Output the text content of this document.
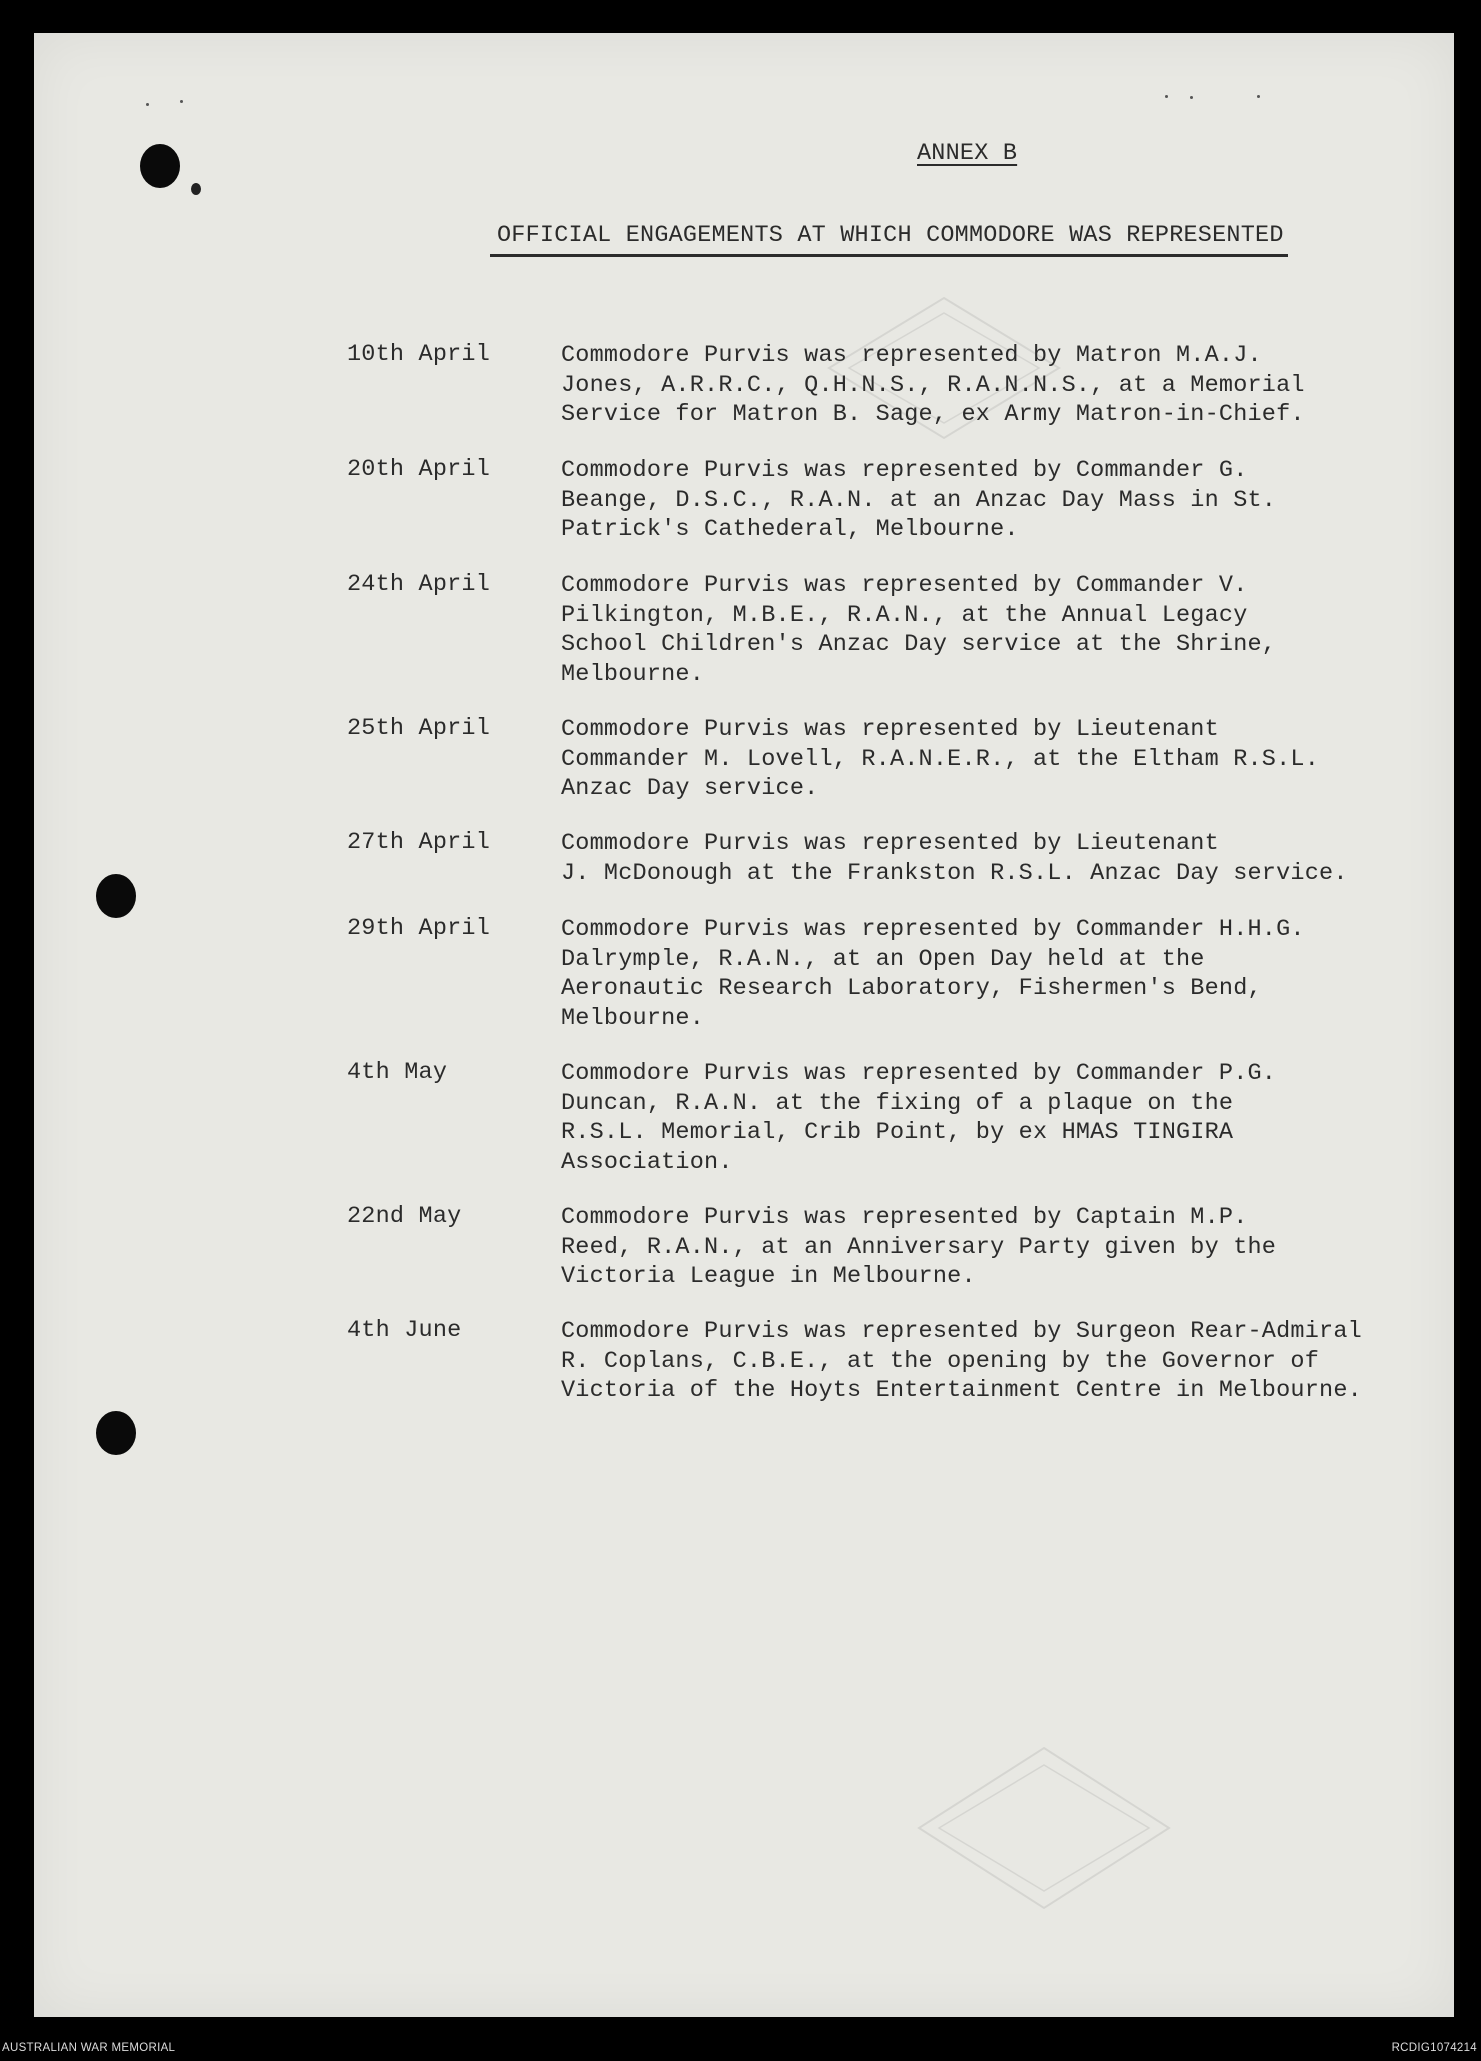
ANNEX B
OFFICIAL ENGAGEMENTS AT WHICH COMMODORE WAS REPRESENTED
10th April	Commodore Purvis was represented by Matron M.A.J.
Jones, A.R.R.C., Q.H.N.S., R.A.N.N.S., at a Memorial
Service for Matron B. Sage, ex Army Matron-in-Chief.
20th April	Commodore Purvis was represented by Commander G.
Beange, D.S.C., R.A.N. at an Anzac Day Mass in St.
Patrick's Cathederal, Melbourne.
24th April	Commodore Purvis was represented by Commander V.
Pilkington, M.B.E., R.A.N., at the Annual Legacy
School Children's Anzac Day service at the Shrine,
Melbourne.
25th April	Commodore Purvis was represented by Lieutenant
Commander M. Lovell, R.A.N.E.R., at the Eltham R.S.L.
Anzac Day service.
27th April	Commodore Purvis was represented by Lieutenant
J. McDonough at the Frankston R.S.L. Anzac Day service.
29th April	Commodore Purvis was represented by Commander H.H.G.
Dalrymple, R.A.N., at an Open Day held at the
Aeronautic Research Laboratory, Fishermen's Bend,
Melbourne.
4th May	Commodore Purvis was represented by Commander P.G.
Duncan, R.A.N. at the fixing of a plaque on the
R.S.L. Memorial, Crib Point, by ex HMAS TINGIRA
Association.
22nd May	Commodore Purvis was represented by Captain M.P.
Reed, R.A.N., at an Anniversary Party given by the
Victoria League in Melbourne.
4th June	Commodore Purvis was represented by Surgeon Rear-Admiral
R. Coplans, C.B.E., at the opening by the Governor of
Victoria of the Hoyts Entertainment Centre in Melbourne.
AUSTRALIAN WAR MEMORIAL	RCDIG1074214
